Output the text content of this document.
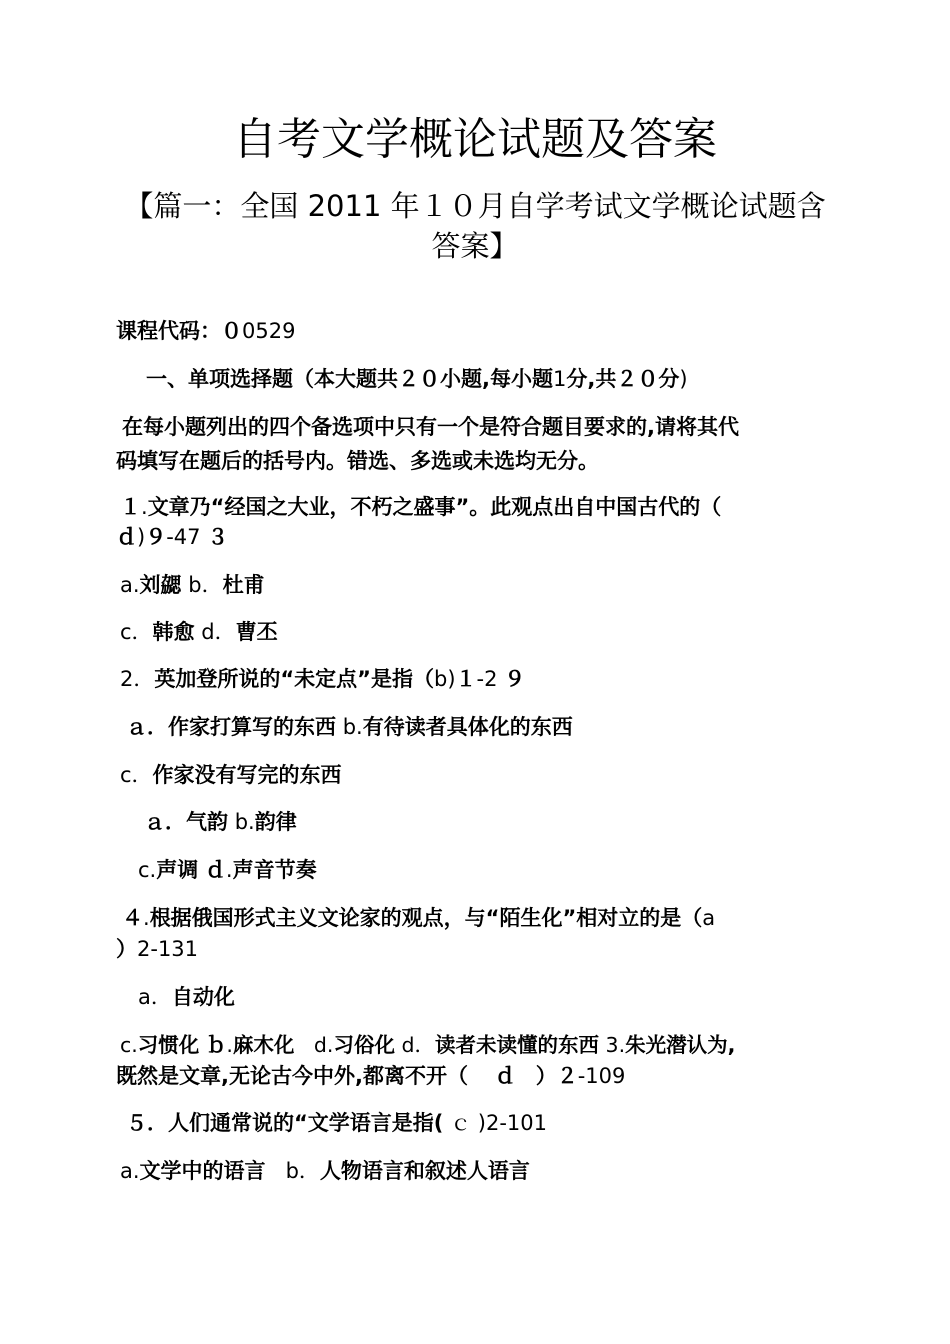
自考文学概论试题及答案
【篇一：全国 2011 年１０月自学考试文学概论试题含
答案】
课程代码：０0529
一、单项选择题（本大题共２０小题,每小题1分,共２０分)
在每小题列出的四个备选项中只有一个是符合题目要求的,请将其代
码填写在题后的括号内。错选、多选或未选均无分。
１.文章乃“经国之大业，不朽之盛事”。此观点出自中国古代的（
ｄ)９-47 ３
a.刘勰 b．杜甫
c．韩愈 d．曹丕
2．英加登所说的“未定点”是指（b)１-2 ９
ａ．作家打算写的东西 b.有待读者具体化的东西
c．作家没有写完的东西
ａ．气韵 b.韵律
c.声调 ｄ.声音节奏
４.根据俄国形式主义文论家的观点，与“陌生化”相对立的是（a
）2-131
a．自动化
c.习惯化 ｂ.麻木化 d.习俗化 d．读者未读懂的东西 3.朱光潜认为,
既然是文章,无论古今中外,都离不开（ ｄ ）２-109
５．人们通常说的“文学语言是指( ｃ )2-101
a.文学中的语言 b．人物语言和叙述人语言
